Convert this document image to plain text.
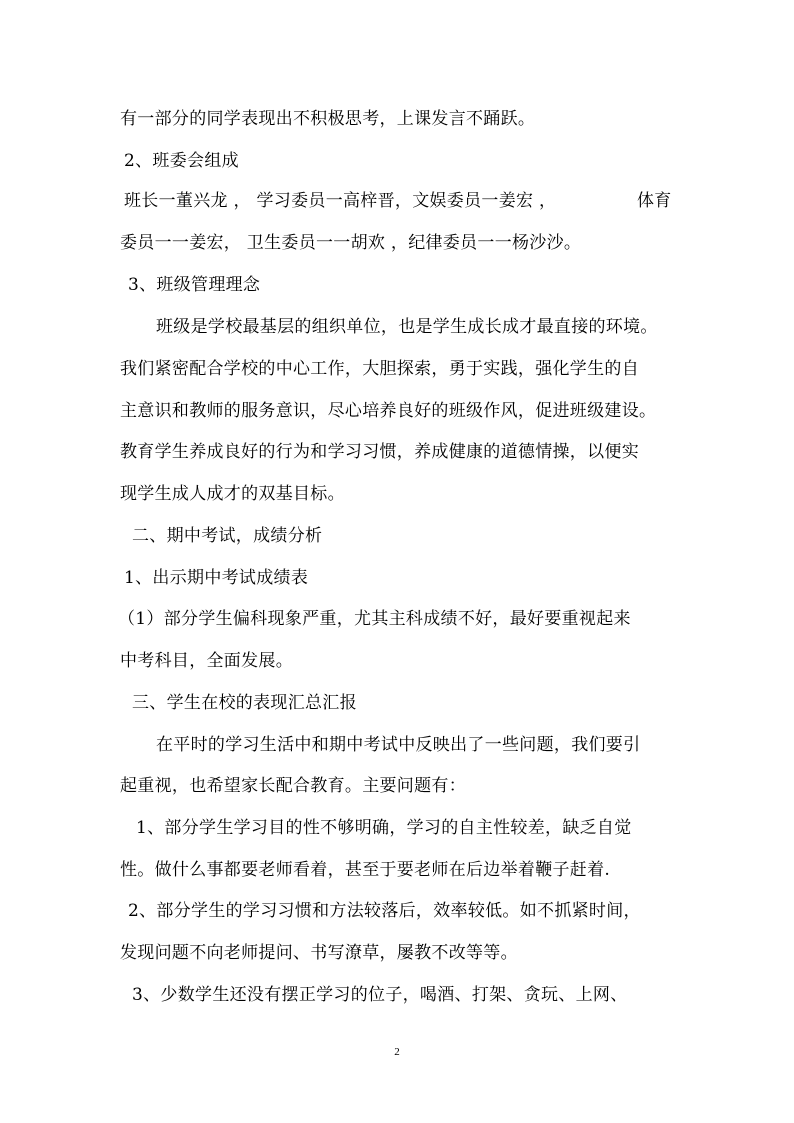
有一部分的同学表现出不积极思考，上课发言不踊跃。
2、班委会组成
班长一董兴龙 ， 学习委员一高梓晋，文娱委员一姜宏 ，	体育
委员一一姜宏， 卫生委员一一胡欢 ，纪律委员一一杨沙沙。
3、班级管理理念
班级是学校最基层的组织单位，也是学生成长成才最直接的环境。
我们紧密配合学校的中心工作，大胆探索，勇于实践，强化学生的自
主意识和教师的服务意识，尽心培养良好的班级作风，促进班级建设。
教育学生养成良好的行为和学习习惯，养成健康的道德情操，以便实
现学生成人成才的双基目标。
二、期中考试，成绩分析
1、出示期中考试成绩表
（1）部分学生偏科现象严重，尤其主科成绩不好，最好要重视起来
中考科目，全面发展。
三、学生在校的表现汇总汇报
在平时的学习生活中和期中考试中反映出了一些问题，我们要引
起重视，也希望家长配合教育。主要问题有：
1、部分学生学习目的性不够明确，学习的自主性较差，缺乏自觉
性。做什么事都要老师看着，甚至于要老师在后边举着鞭子赶着.
2、部分学生的学习习惯和方法较落后，效率较低。如不抓紧时间，
发现问题不向老师提问、书写潦草，屡教不改等等。
3、少数学生还没有摆正学习的位子，喝酒、打架、贪玩、上网、
2
